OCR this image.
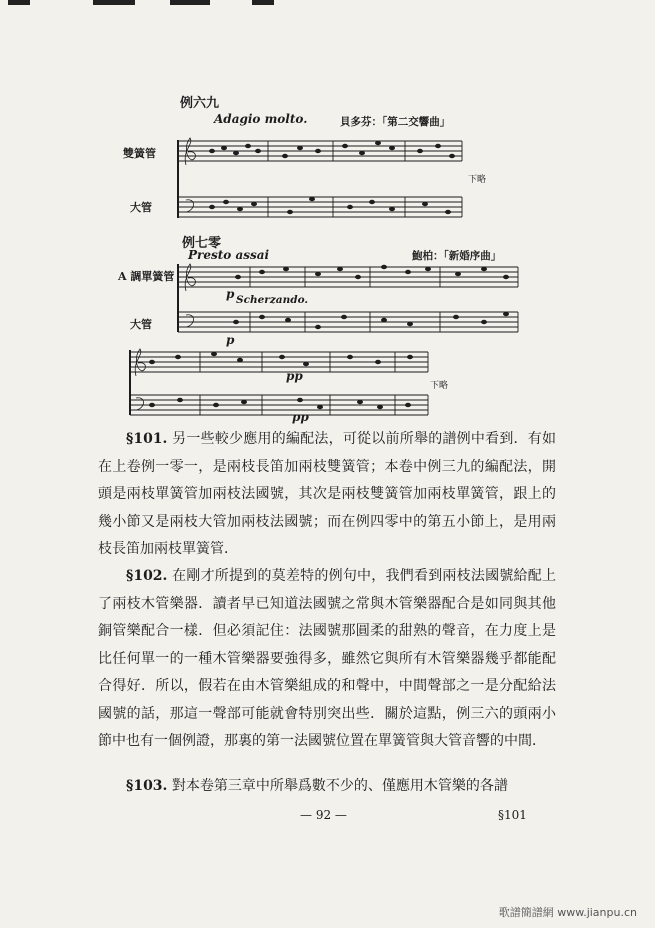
例六九
Adagio molto.	貝多芬：「第二交響曲」
雙簧管
大管
下略
例七零
Presto assai	鮑柏：「新婚序曲」
A 調單簧管
大管
Scherzando.
p
p
pp
pp
下略

§101. 另一些較少應用的編配法，可從以前所舉的譜例中看到．有如在上卷例一零一，是兩枝長笛加兩枝雙簧管；本卷中例三九的編配法，開頭是兩枝單簧管加兩枝法國號，其次是兩枝雙簧管加兩枝單簧管，跟上的幾小節又是兩枝大管加兩枝法國號；而在例四零中的第五小節上，是用兩枝長笛加兩枝單簧管．

§102. 在剛才所提到的莫差特的例句中，我們看到兩枝法國號給配上了兩枝木管樂器．讀者早已知道法國號之常與木管樂器配合是如同與其他銅管樂配合一樣．但必須記住：法國號那圓柔的甜熟的聲音，在力度上是比任何單一的一種木管樂器要強得多，雖然它與所有木管樂器幾乎都能配合得好．所以，假若在由木管樂組成的和聲中，中間聲部之一是分配給法國號的話，那這一聲部可能就會特別突出些．關於這點，例三六的頭兩小節中也有一個例證，那裏的第一法國號位置在單簧管與大管音響的中間．

§103. 對本卷第三章中所舉爲數不少的、僅應用木管樂的各譜

— 92 —	§101
歌譜簡譜網 www.jianpu.cn
